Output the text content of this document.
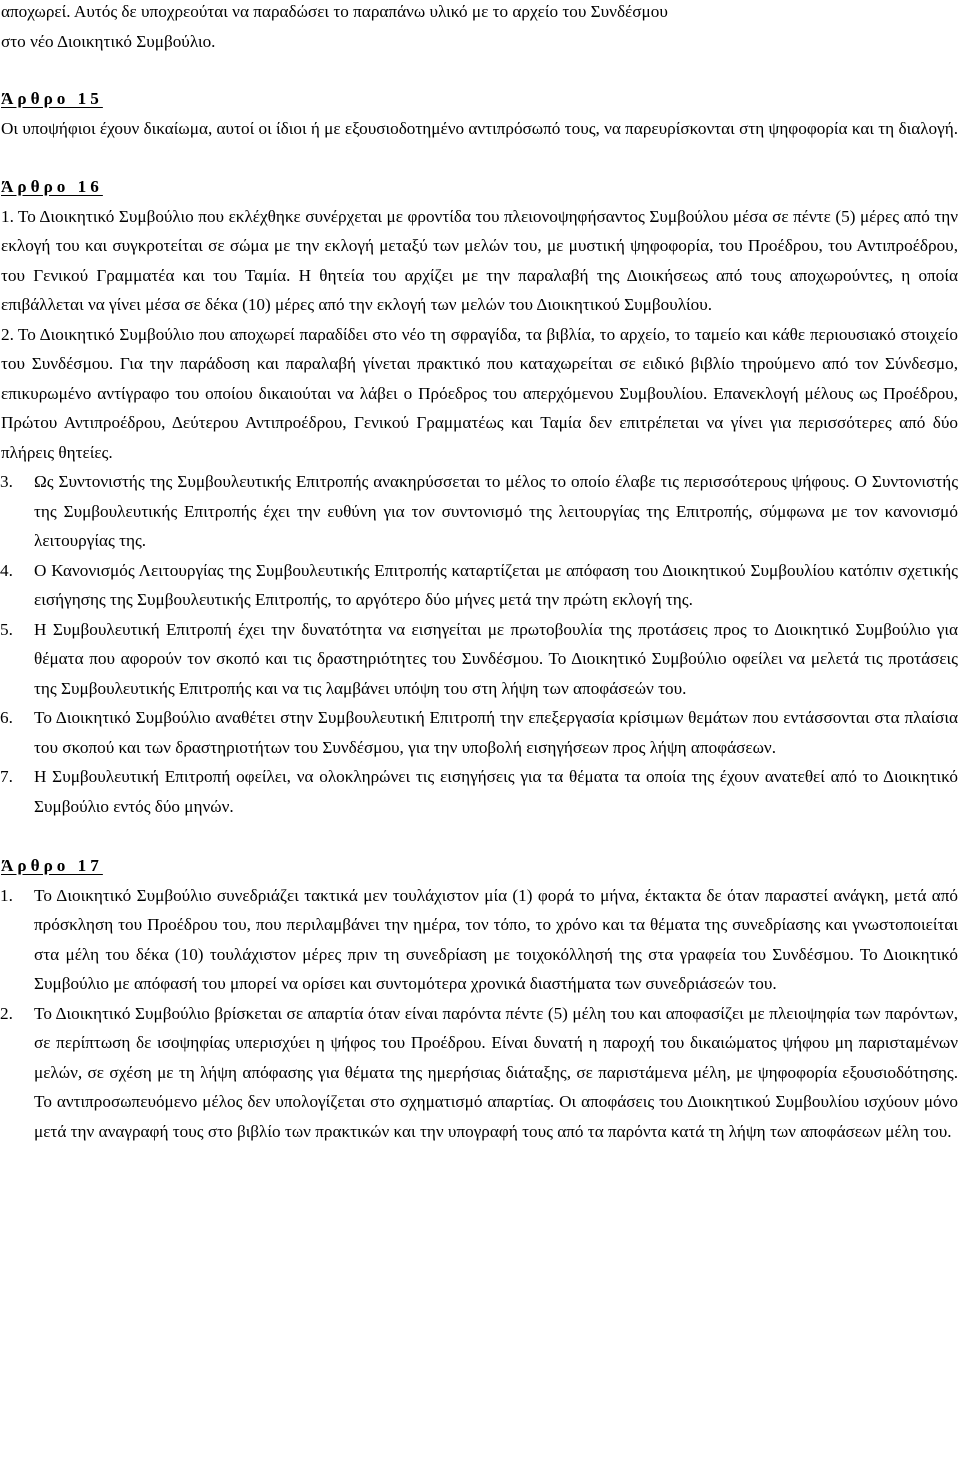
αποχωρεί. Αυτός δε υποχρεούται να παραδώσει το παραπάνω υλικό με το αρχείο του Συνδέσμου
στο νέο Διοικητικό Συμβούλιο.

Άρθρο 15

Οι υποψήφιοι έχουν δικαίωμα, αυτοί οι ίδιοι ή με εξουσιοδοτημένο αντιπρόσωπό τους, να παρευρίσκονται στη ψηφοφορία και τη διαλογή.

Άρθρο 16

1. Το Διοικητικό Συμβούλιο που εκλέχθηκε συνέρχεται με φροντίδα του πλειονοψηφήσαντος Συμβούλου μέσα σε πέντε (5) μέρες από την εκλογή του και συγκροτείται σε σώμα με την εκλογή μεταξύ των μελών του, με μυστική ψηφοφορία, του Προέδρου, του Αντιπροέδρου, του Γενικού Γραμματέα και του Ταμία. Η θητεία του αρχίζει με την παραλαβή της Διοικήσεως από τους αποχωρούντες, η οποία επιβάλλεται να γίνει μέσα σε δέκα (10) μέρες από την εκλογή των μελών του Διοικητικού Συμβουλίου.

2. Το Διοικητικό Συμβούλιο που αποχωρεί παραδίδει στο νέο τη σφραγίδα, τα βιβλία, το αρχείο, το ταμείο και κάθε περιουσιακό στοιχείο του Συνδέσμου. Για την παράδοση και παραλαβή γίνεται πρακτικό που καταχωρείται σε ειδικό βιβλίο τηρούμενο από τον Σύνδεσμο, επικυρωμένο αντίγραφο του οποίου δικαιούται να λάβει ο Πρόεδρος του απερχόμενου Συμβουλίου. Επανεκλογή μέλους ως Προέδρου, Πρώτου Αντιπροέδρου, Δεύτερου Αντιπροέδρου, Γενικού Γραμματέως και Ταμία δεν επιτρέπεται να γίνει για περισσότερες από δύο πλήρεις θητείες.

3. Ως Συντονιστής της Συμβουλευτικής Επιτροπής ανακηρύσσεται το μέλος το οποίο έλαβε τις περισσότερους ψήφους. Ο Συντονιστής της Συμβουλευτικής Επιτροπής έχει την ευθύνη για τον συντονισμό της λειτουργίας της Επιτροπής, σύμφωνα με τον κανονισμό λειτουργίας της.

4. Ο Κανονισμός Λειτουργίας της Συμβουλευτικής Επιτροπής καταρτίζεται με απόφαση του Διοικητικού Συμβουλίου κατόπιν σχετικής εισήγησης της Συμβουλευτικής Επιτροπής, το αργότερο δύο μήνες μετά την πρώτη εκλογή της.

5. Η Συμβουλευτική Επιτροπή έχει την δυνατότητα να εισηγείται με πρωτοβουλία της προτάσεις προς το Διοικητικό Συμβούλιο για θέματα που αφορούν τον σκοπό και τις δραστηριότητες του Συνδέσμου. Το Διοικητικό Συμβούλιο οφείλει να μελετά τις προτάσεις της Συμβουλευτικής Επιτροπής και να τις λαμβάνει υπόψη του στη λήψη των αποφάσεών του.

6. Το Διοικητικό Συμβούλιο αναθέτει στην Συμβουλευτική Επιτροπή την επεξεργασία κρίσιμων θεμάτων που εντάσσονται στα πλαίσια του σκοπού και των δραστηριοτήτων του Συνδέσμου, για την υποβολή εισηγήσεων προς λήψη αποφάσεων.

7. Η Συμβουλευτική Επιτροπή οφείλει, να ολοκληρώνει τις εισηγήσεις για τα θέματα τα οποία της έχουν ανατεθεί από το Διοικητικό Συμβούλιο εντός δύο μηνών.

Άρθρο 17

1. Το Διοικητικό Συμβούλιο συνεδριάζει τακτικά μεν τουλάχιστον μία (1) φορά το μήνα, έκτακτα δε όταν παραστεί ανάγκη, μετά από πρόσκληση του Προέδρου του, που περιλαμβάνει την ημέρα, τον τόπο, το χρόνο και τα θέματα της συνεδρίασης και γνωστοποιείται στα μέλη του δέκα (10) τουλάχιστον μέρες πριν τη συνεδρίαση με τοιχοκόλλησή της στα γραφεία του Συνδέσμου. Το Διοικητικό Συμβούλιο με απόφασή του μπορεί να ορίσει και συντομότερα χρονικά διαστήματα των συνεδριάσεών του.

2. Το Διοικητικό Συμβούλιο βρίσκεται σε απαρτία όταν είναι παρόντα πέντε (5) μέλη του και αποφασίζει με πλειοψηφία των παρόντων, σε περίπτωση δε ισοψηφίας υπερισχύει η ψήφος του Προέδρου. Είναι δυνατή η παροχή του δικαιώματος ψήφου μη παρισταμένων μελών, σε σχέση με τη λήψη απόφασης για θέματα της ημερήσιας διάταξης, σε παριστάμενα μέλη, με ψηφοφορία εξουσιοδότησης. Το αντιπροσωπευόμενο μέλος δεν υπολογίζεται στο σχηματισμό απαρτίας. Οι αποφάσεις του Διοικητικού Συμβουλίου ισχύουν μόνο μετά την αναγραφή τους στο βιβλίο των πρακτικών και την υπογραφή τους από τα παρόντα κατά τη λήψη των αποφάσεων μέλη του.
